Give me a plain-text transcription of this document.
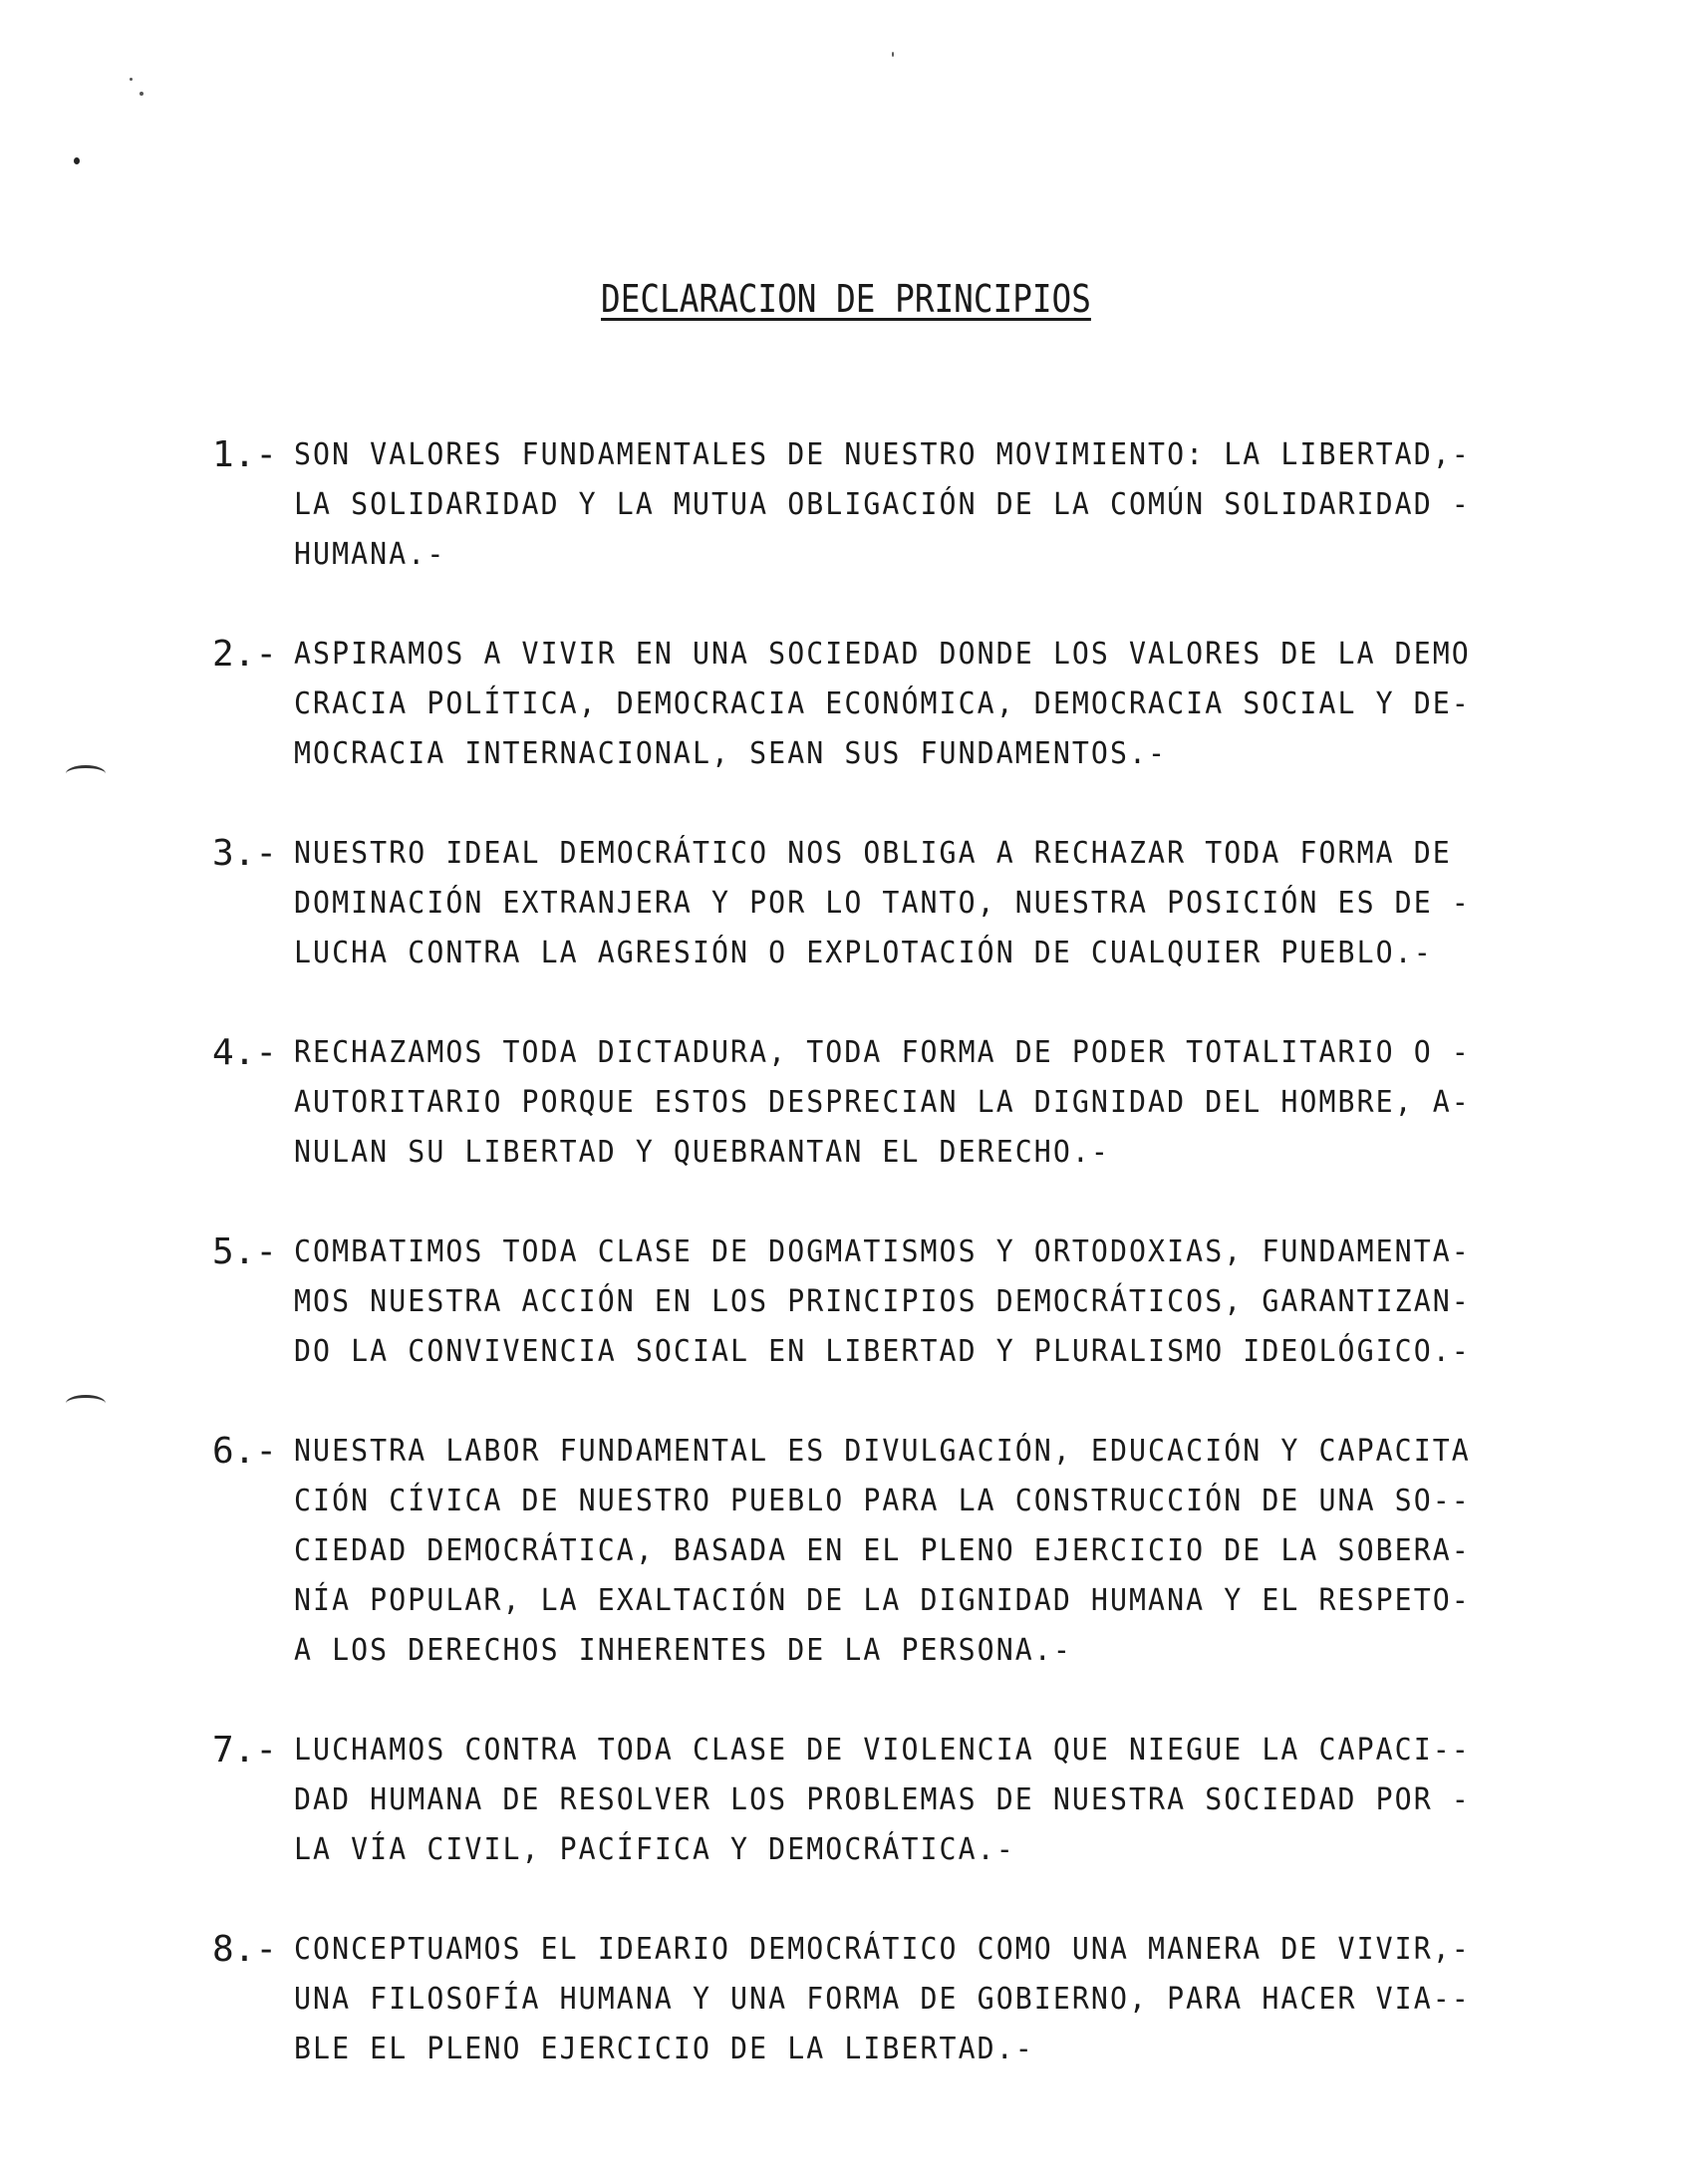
DECLARACION DE PRINCIPIOS
1.- SON VALORES FUNDAMENTALES DE NUESTRO MOVIMIENTO: LA LIBERTAD,-
LA SOLIDARIDAD Y LA MUTUA OBLIGACIÓN DE LA COMÚN SOLIDARIDAD -
HUMANA.-
2.- ASPIRAMOS A VIVIR EN UNA SOCIEDAD DONDE LOS VALORES DE LA DEMO
CRACIA POLÍTICA, DEMOCRACIA ECONÓMICA, DEMOCRACIA SOCIAL Y DE-
MOCRACIA INTERNACIONAL, SEAN SUS FUNDAMENTOS.-
3.- NUESTRO IDEAL DEMOCRÁTICO NOS OBLIGA A RECHAZAR TODA FORMA DE
DOMINACIÓN EXTRANJERA Y POR LO TANTO, NUESTRA POSICIÓN ES DE -
LUCHA CONTRA LA AGRESIÓN O EXPLOTACIÓN DE CUALQUIER PUEBLO.-
4.- RECHAZAMOS TODA DICTADURA, TODA FORMA DE PODER TOTALITARIO O -
AUTORITARIO PORQUE ESTOS DESPRECIAN LA DIGNIDAD DEL HOMBRE, A-
NULAN SU LIBERTAD Y QUEBRANTAN EL DERECHO.-
5.- COMBATIMOS TODA CLASE DE DOGMATISMOS Y ORTODOXIAS, FUNDAMENTA-
MOS NUESTRA ACCIÓN EN LOS PRINCIPIOS DEMOCRÁTICOS, GARANTIZAN-
DO LA CONVIVENCIA SOCIAL EN LIBERTAD Y PLURALISMO IDEOLÓGICO.-
6.- NUESTRA LABOR FUNDAMENTAL ES DIVULGACIÓN, EDUCACIÓN Y CAPACITA
CIÓN CÍVICA DE NUESTRO PUEBLO PARA LA CONSTRUCCIÓN DE UNA SO--
CIEDAD DEMOCRÁTICA, BASADA EN EL PLENO EJERCICIO DE LA SOBERA-
NÍA POPULAR, LA EXALTACIÓN DE LA DIGNIDAD HUMANA Y EL RESPETO-
A LOS DERECHOS INHERENTES DE LA PERSONA.-
7.- LUCHAMOS CONTRA TODA CLASE DE VIOLENCIA QUE NIEGUE LA CAPACI--
DAD HUMANA DE RESOLVER LOS PROBLEMAS DE NUESTRA SOCIEDAD POR -
LA VÍA CIVIL, PACÍFICA Y DEMOCRÁTICA.-
8.- CONCEPTUAMOS EL IDEARIO DEMOCRÁTICO COMO UNA MANERA DE VIVIR,-
UNA FILOSOFÍA HUMANA Y UNA FORMA DE GOBIERNO, PARA HACER VIA--
BLE EL PLENO EJERCICIO DE LA LIBERTAD.-
